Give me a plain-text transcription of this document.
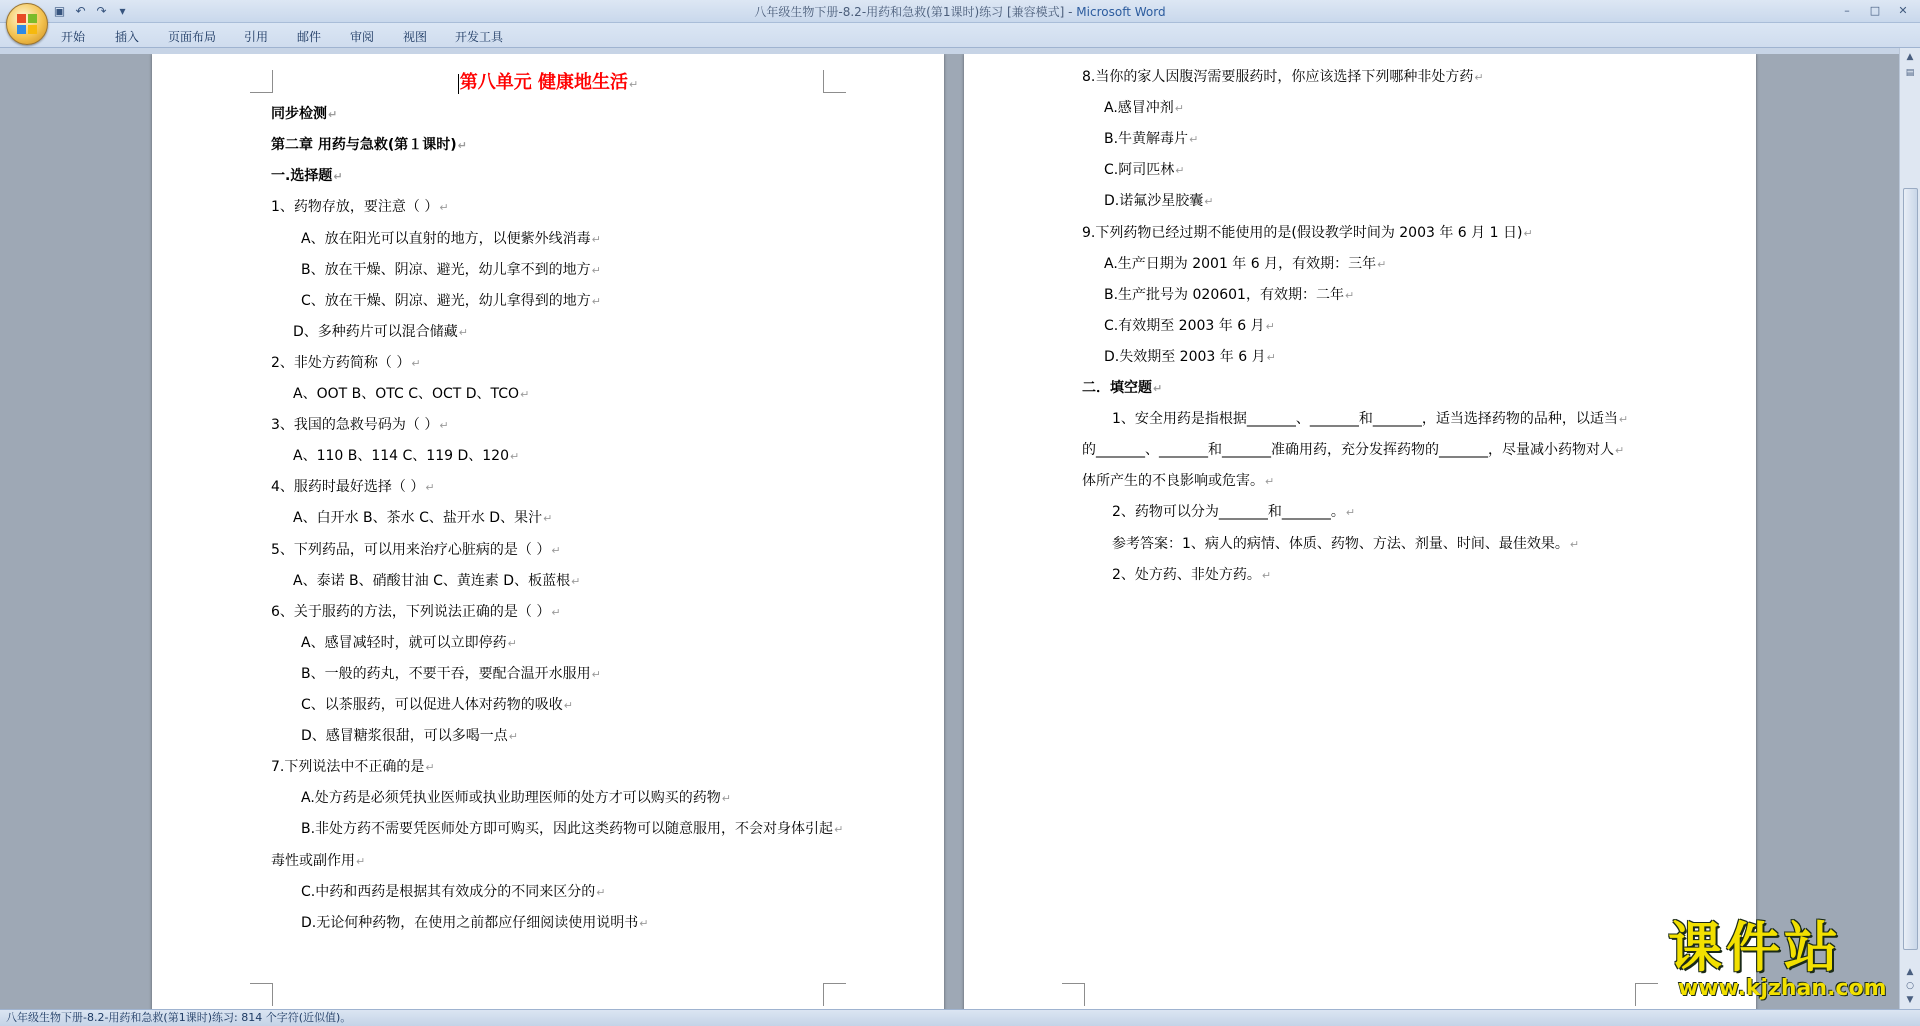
▣ ↶ ↷	▾	八年级生物下册-8.2-用药和急救(第1课时)练习 [兼容模式] - Microsoft Word	–	□	✕
开始 插入 页面布局 引用 邮件 审阅 视图 开发工具
第八单元 健康地生活↵
同步检测↵
第二章 用药与急救(第１课时)↵
一.选择题↵
1、药物存放，要注意（ ）↵
A、放在阳光可以直射的地方，以便紫外线消毒↵
B、放在干燥、阴凉、避光，幼儿拿不到的地方↵
C、放在干燥、阴凉、避光，幼儿拿得到的地方↵
D、多种药片可以混合储藏↵
2、非处方药简称（ ）↵
A、OOT B、OTC C、OCT D、TCO↵
3、我国的急救号码为（ ）↵
A、110 B、114 C、119 D、120↵
4、服药时最好选择（ ）↵
A、白开水 B、茶水 C、盐开水 D、果汁↵
5、下列药品，可以用来治疗心脏病的是（ ）↵
A、泰诺 B、硝酸甘油 C、黄连素 D、板蓝根↵
6、关于服药的方法，下列说法正确的是（ ）↵
A、感冒减轻时，就可以立即停药↵
B、一般的药丸，不要干吞，要配合温开水服用↵
C、以茶服药，可以促进人体对药物的吸收↵
D、感冒糖浆很甜，可以多喝一点↵
7.下列说法中不正确的是↵
A.处方药是必须凭执业医师或执业助理医师的处方才可以购买的药物↵
B.非处方药不需要凭医师处方即可购买，因此这类药物可以随意服用，不会对身体引起↵
毒性或副作用↵
C.中药和西药是根据其有效成分的不同来区分的↵
D.无论何种药物，在使用之前都应仔细阅读使用说明书↵
8.当你的家人因腹泻需要服药时，你应该选择下列哪种非处方药↵
A.感冒冲剂↵
B.牛黄解毒片↵
C.阿司匹林↵
D.诺氟沙星胶囊↵
9.下列药物已经过期不能使用的是(假设教学时间为 2003 年 6 月 1 日)↵
A.生产日期为 2001 年 6 月，有效期：三年↵
B.生产批号为 020601，有效期：二年↵
C.有效期至 2003 年 6 月↵
D.失效期至 2003 年 6 月↵
二．填空题↵
1、安全用药是指根据_______、_______和_______，适当选择药物的品种，以适当↵
的_______、_______和_______准确用药，充分发挥药物的_______，尽量减小药物对人↵
体所产生的不良影响或危害。↵
2、药物可以分为_______和_______。↵
参考答案：1、病人的病情、体质、药物、方法、剂量、时间、最佳效果。↵
2、处方药、非处方药。↵
▲
▤
▲
○
▼
八年级生物下册-8.2-用药和急救(第1课时)练习: 814 个字符(近似值)。
课件站
www.kjzhan.com
